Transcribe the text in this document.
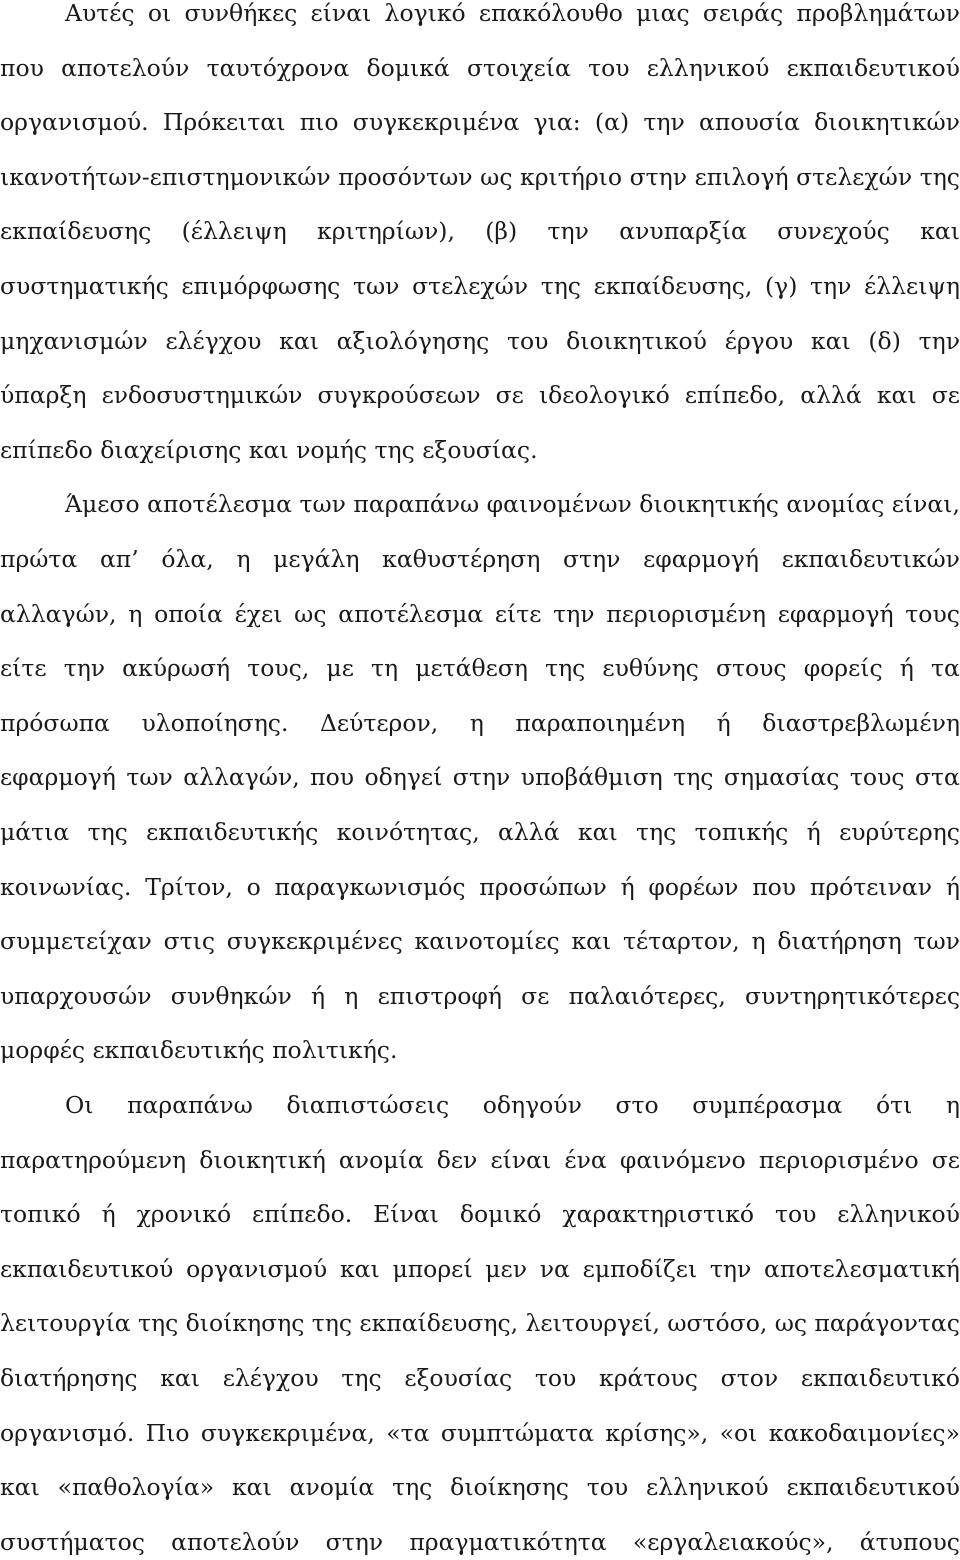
Αυτές οι συνθήκες είναι λογικό επακόλουθο μιας σειράς προβλημάτων
που αποτελούν ταυτόχρονα δομικά στοιχεία του ελληνικού εκπαιδευτικού
οργανισμού. Πρόκειται πιο συγκεκριμένα για: (α) την απουσία διοικητικών
ικανοτήτων-επιστημονικών προσόντων ως κριτήριο στην επιλογή στελεχών της
εκπαίδευσης (έλλειψη κριτηρίων), (β) την ανυπαρξία συνεχούς και
συστηματικής επιμόρφωσης των στελεχών της εκπαίδευσης, (γ) την έλλειψη
μηχανισμών ελέγχου και αξιολόγησης του διοικητικού έργου και (δ) την
ύπαρξη ενδοσυστημικών συγκρούσεων σε ιδεολογικό επίπεδο, αλλά και σε
επίπεδο διαχείρισης και νομής της εξουσίας.
Άμεσο αποτέλεσμα των παραπάνω φαινομένων διοικητικής ανομίας είναι,
πρώτα απ’ όλα, η μεγάλη καθυστέρηση στην εφαρμογή εκπαιδευτικών
αλλαγών, η οποία έχει ως αποτέλεσμα είτε την περιορισμένη εφαρμογή τους
είτε την ακύρωσή τους, με τη μετάθεση της ευθύνης στους φορείς ή τα
πρόσωπα υλοποίησης. Δεύτερον, η παραποιημένη ή διαστρεβλωμένη
εφαρμογή των αλλαγών, που οδηγεί στην υποβάθμιση της σημασίας τους στα
μάτια της εκπαιδευτικής κοινότητας, αλλά και της τοπικής ή ευρύτερης
κοινωνίας. Τρίτον, ο παραγκωνισμός προσώπων ή φορέων που πρότειναν ή
συμμετείχαν στις συγκεκριμένες καινοτομίες και τέταρτον, η διατήρηση των
υπαρχουσών συνθηκών ή η επιστροφή σε παλαιότερες, συντηρητικότερες
μορφές εκπαιδευτικής πολιτικής.
Οι παραπάνω διαπιστώσεις οδηγούν στο συμπέρασμα ότι η
παρατηρούμενη διοικητική ανομία δεν είναι ένα φαινόμενο περιορισμένο σε
τοπικό ή χρονικό επίπεδο. Είναι δομικό χαρακτηριστικό του ελληνικού
εκπαιδευτικού οργανισμού και μπορεί μεν να εμποδίζει την αποτελεσματική
λειτουργία της διοίκησης της εκπαίδευσης, λειτουργεί, ωστόσο, ως παράγοντας
διατήρησης και ελέγχου της εξουσίας του κράτους στον εκπαιδευτικό
οργανισμό. Πιο συγκεκριμένα, «τα συμπτώματα κρίσης», «οι κακοδαιμονίες»
και «παθολογία» και ανομία της διοίκησης του ελληνικού εκπαιδευτικού
συστήματος αποτελούν στην πραγματικότητα «εργαλειακούς», άτυπους
